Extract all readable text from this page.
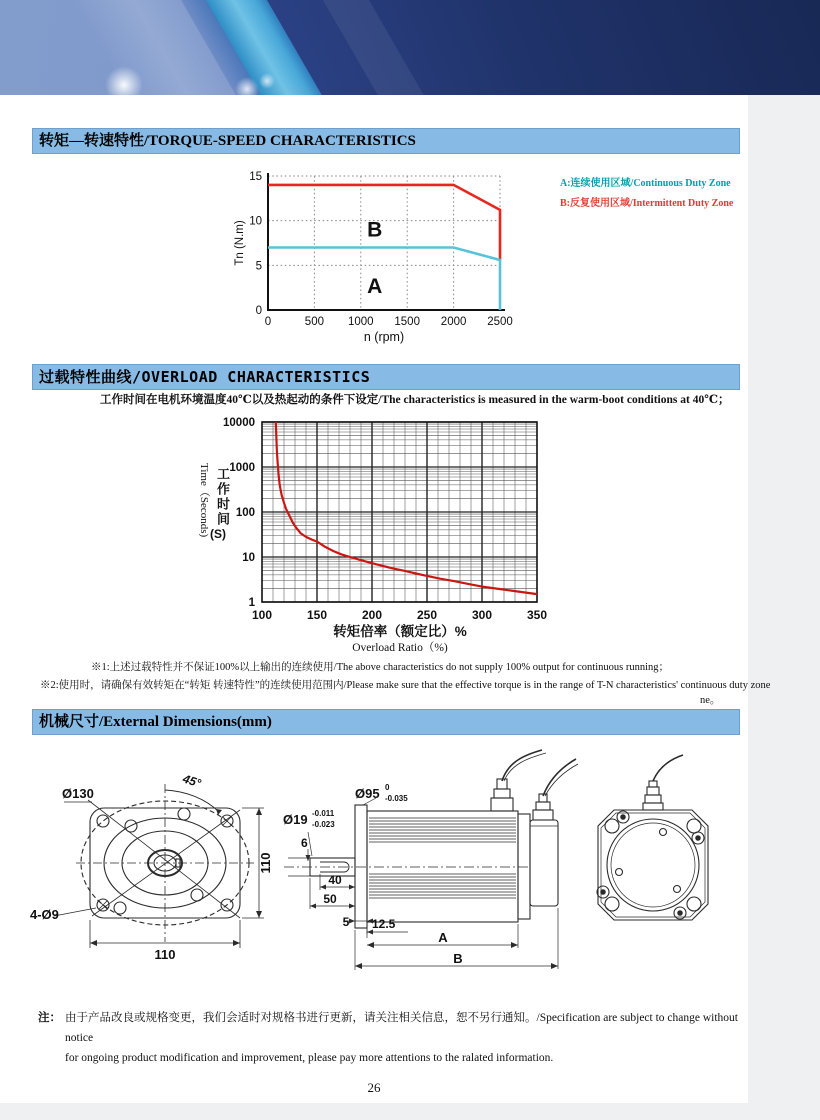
转矩—转速特性/TORQUE-SPEED CHARACTERISTICS
0	500 1000 1500 2000 2500
0
5
10
15
B
A
n (rpm)
Tn (N.m)
A:连续使用区域/Continuous Duty Zone
B:反复使用区域/Intermittent Duty Zone
过载特性曲线/OVERLOAD CHARACTERISTICS
工作时间在电机环境温度40℃以及热起动的条件下设定/The characteristics is measured in the warm-boot conditions at 40℃；
1
10
100
1000
10000
100	150	200	250	300	350
Time（Seconds) 工作时间
(S)
转矩倍率（额定比）%
Overload Ratio（%)
※1:上述过载特性并不保证100%以上输出的连续使用/The above characteristics do not supply 100% output for continuous running；
※2:使用时，请确保有效转矩在“转矩 转速特性”的连续使用范围内/Please make sure that the effective torque is in the range of T-N characteristics' continuous duty zone
ne。
机械尺寸/External Dimensions(mm)
Ø130
45°
110
110
4-Ø9
Ø95 0
-0.035
Ø19 -0.011
-0.023
6
40
50
5 12.5
A
B
注： 由于产品改良或规格变更，我们会适时对规格书进行更新，请关注相关信息，恕不另行通知。/Specification are subject to change without notice
for ongoing product modification and improvement, please pay more attentions to the ralated information.
26
